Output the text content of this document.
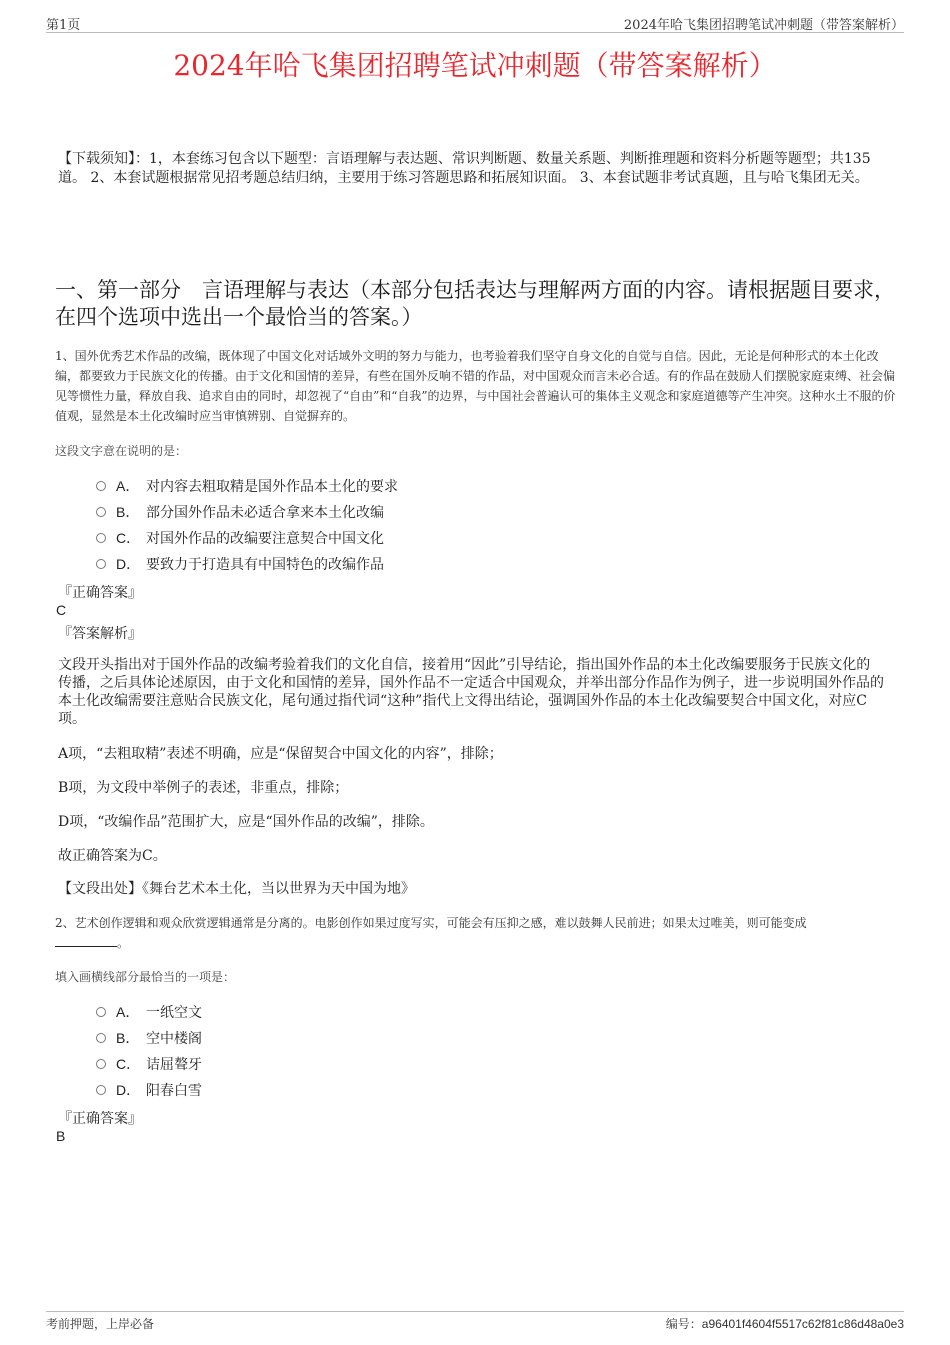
第1页	2024年哈飞集团招聘笔试冲刺题（带答案解析）
2024年哈飞集团招聘笔试冲刺题（带答案解析）
【下载须知】：1，本套练习包含以下题型：言语理解与表达题、常识判断题、数量关系题、判断推理题和资料分析题等题型；共135道。 2、本套试题根据常见招考题总结归纳，主要用于练习答题思路和拓展知识面。 3、本套试题非考试真题，且与哈飞集团无关。
一、第一部分　言语理解与表达（本部分包括表达与理解两方面的内容。请根据题目要求，在四个选项中选出一个最恰当的答案。）
1、国外优秀艺术作品的改编，既体现了中国文化对话域外文明的努力与能力，也考验着我们坚守自身文化的自觉与自信。因此，无论是何种形式的本土化改编，都要致力于民族文化的传播。由于文化和国情的差异，有些在国外反响不错的作品，对中国观众而言未必合适。有的作品在鼓励人们摆脱家庭束缚、社会偏见等惯性力量，释放自我、追求自由的同时，却忽视了“自由”和“自我”的边界，与中国社会普遍认可的集体主义观念和家庭道德等产生冲突。这种水土不服的价值观，显然是本土化改编时应当审慎辨别、自觉摒弃的。
这段文字意在说明的是：
A． 对内容去粗取精是国外作品本土化的要求
B． 部分国外作品未必适合拿来本土化改编
C． 对国外作品的改编要注意契合中国文化
D． 要致力于打造具有中国特色的改编作品
『正确答案』
C
『答案解析』
文段开头指出对于国外作品的改编考验着我们的文化自信，接着用“因此”引导结论，指出国外作品的本土化改编要服务于民族文化的传播，之后具体论述原因，由于文化和国情的差异，国外作品不一定适合中国观众，并举出部分作品作为例子，进一步说明国外作品的本土化改编需要注意贴合民族文化，尾句通过指代词“这种”指代上文得出结论，强调国外作品的本土化改编要契合中国文化，对应C项。
A项，“去粗取精”表述不明确，应是“保留契合中国文化的内容”，排除；
B项，为文段中举例子的表述，非重点，排除；
D项，“改编作品”范围扩大，应是“国外作品的改编”，排除。
故正确答案为C。
【文段出处】《舞台艺术本土化，当以世界为天中国为地》
2、艺术创作逻辑和观众欣赏逻辑通常是分离的。电影创作如果过度写实，可能会有压抑之感，难以鼓舞人民前进；如果太过唯美，则可能变成
。
填入画横线部分最恰当的一项是：
A． 一纸空文
B． 空中楼阁
C． 诘屈聱牙
D． 阳春白雪
『正确答案』
B
考前押题，上岸必备	编号：a96401f4604f5517c62f81c86d48a0e3
